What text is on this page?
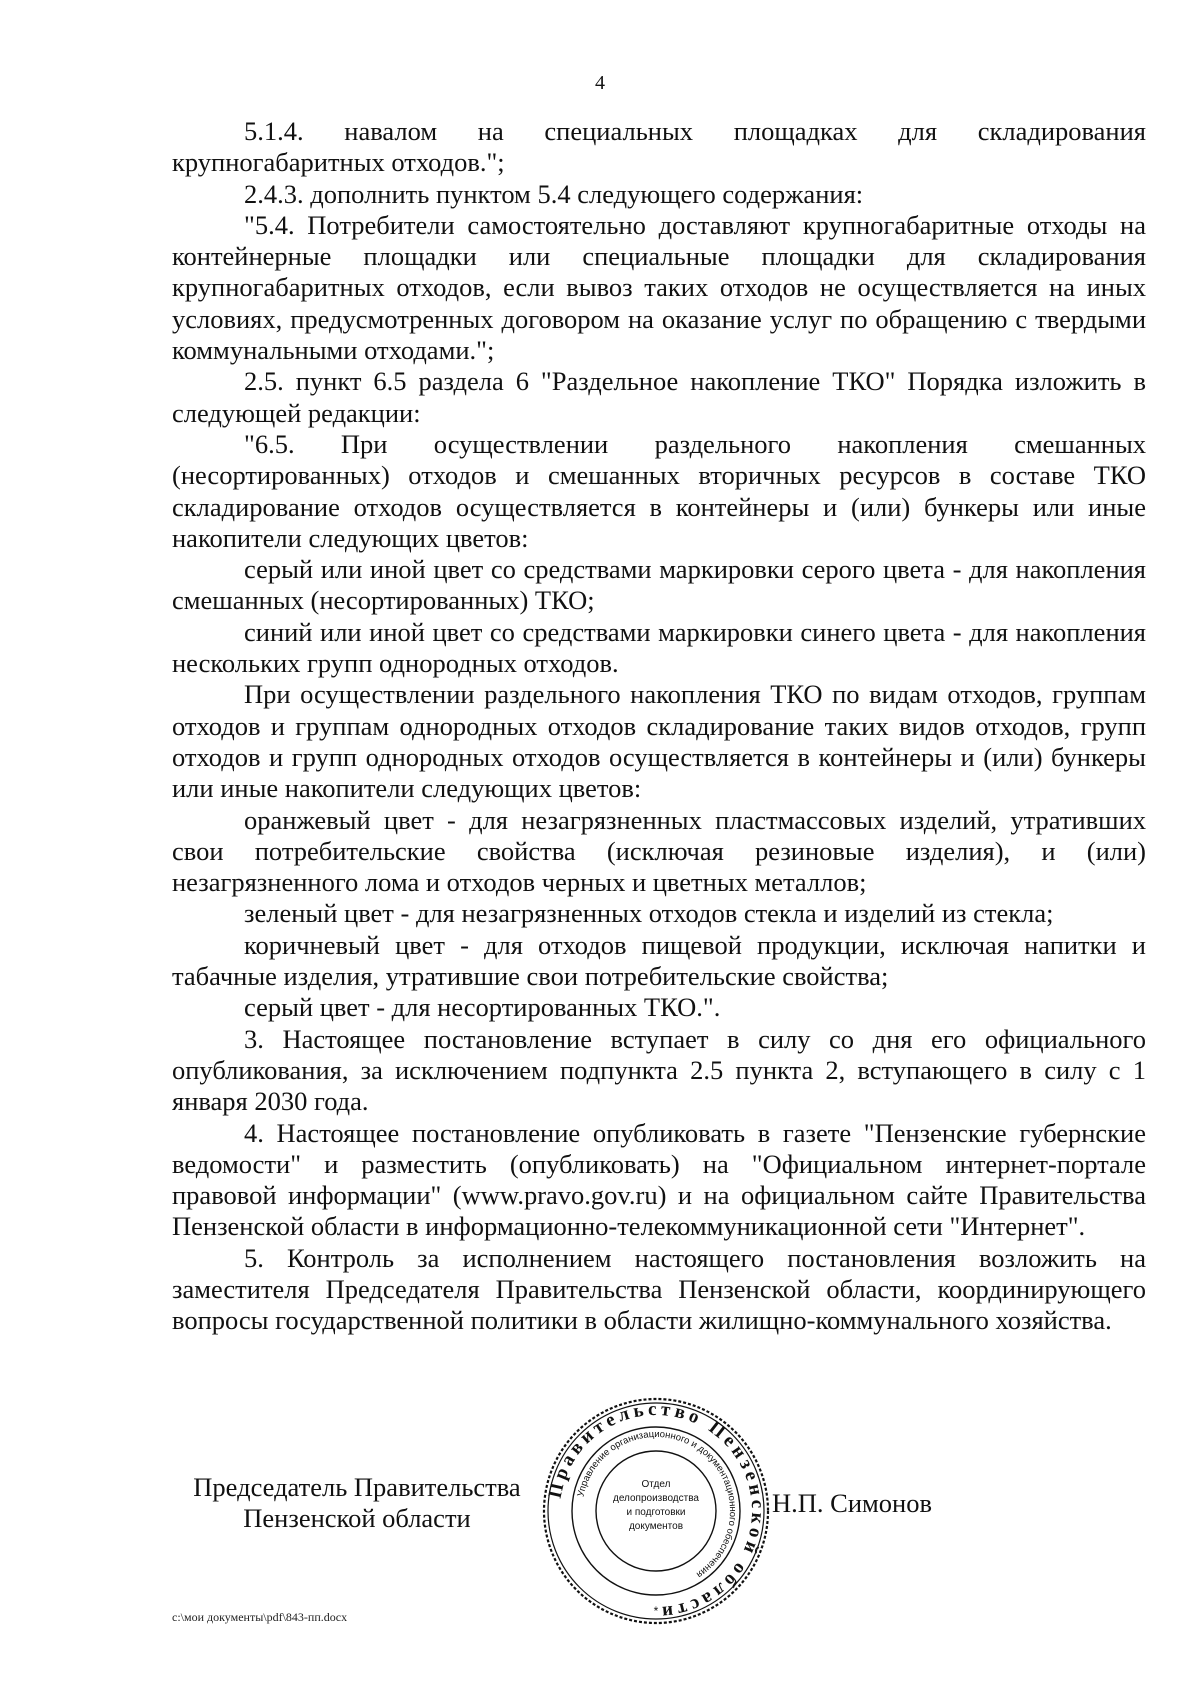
4

5.1.4. навалом на специальных площадках для складирования крупногабаритных отходов.";

2.4.3. дополнить пунктом 5.4 следующего содержания:

"5.4. Потребители самостоятельно доставляют крупногабаритные отходы на контейнерные площадки или специальные площадки для складирования крупногабаритных отходов, если вывоз таких отходов не осуществляется на иных условиях, предусмотренных договором на оказание услуг по обращению с твердыми коммунальными отходами.";

2.5. пункт 6.5 раздела 6 "Раздельное накопление ТКО" Порядка изложить в следующей редакции:

"6.5. При осуществлении раздельного накопления смешанных (несортированных) отходов и смешанных вторичных ресурсов в составе ТКО складирование отходов осуществляется в контейнеры и (или) бункеры или иные накопители следующих цветов:

серый или иной цвет со средствами маркировки серого цвета - для накопления смешанных (несортированных) ТКО;

синий или иной цвет со средствами маркировки синего цвета - для накопления нескольких групп однородных отходов.

При осуществлении раздельного накопления ТКО по видам отходов, группам отходов и группам однородных отходов складирование таких видов отходов, групп отходов и групп однородных отходов осуществляется в контейнеры и (или) бункеры или иные накопители следующих цветов:

оранжевый цвет - для незагрязненных пластмассовых изделий, утративших свои потребительские свойства (исключая резиновые изделия), и (или) незагрязненного лома и отходов черных и цветных металлов;

зеленый цвет - для незагрязненных отходов стекла и изделий из стекла;

коричневый цвет - для отходов пищевой продукции, исключая напитки и табачные изделия, утратившие свои потребительские свойства;

серый цвет - для несортированных ТКО.".

3. Настоящее постановление вступает в силу со дня его официального опубликования, за исключением подпункта 2.5 пункта 2, вступающего в силу с 1 января 2030 года.

4. Настоящее постановление опубликовать в газете "Пензенские губернские ведомости" и разместить (опубликовать) на "Официальном интернет-портале правовой информации" (www.pravo.gov.ru) и на официальном сайте Правительства Пензенской области в информационно-телекоммуникационной сети "Интернет".

5. Контроль за исполнением настоящего постановления возложить на заместителя Председателя Правительства Пензенской области, координирующего вопросы государственной политики в области жилищно-коммунального хозяйства.

Председатель Правительства
Пензенской области
Н.П. Симонов
Правительство Пензенской области
Управление организационного и документационного обеспечения
Отдел
делопроизводства
и подготовки
документов
*
c:\мои документы\pdf\843-пп.docx
